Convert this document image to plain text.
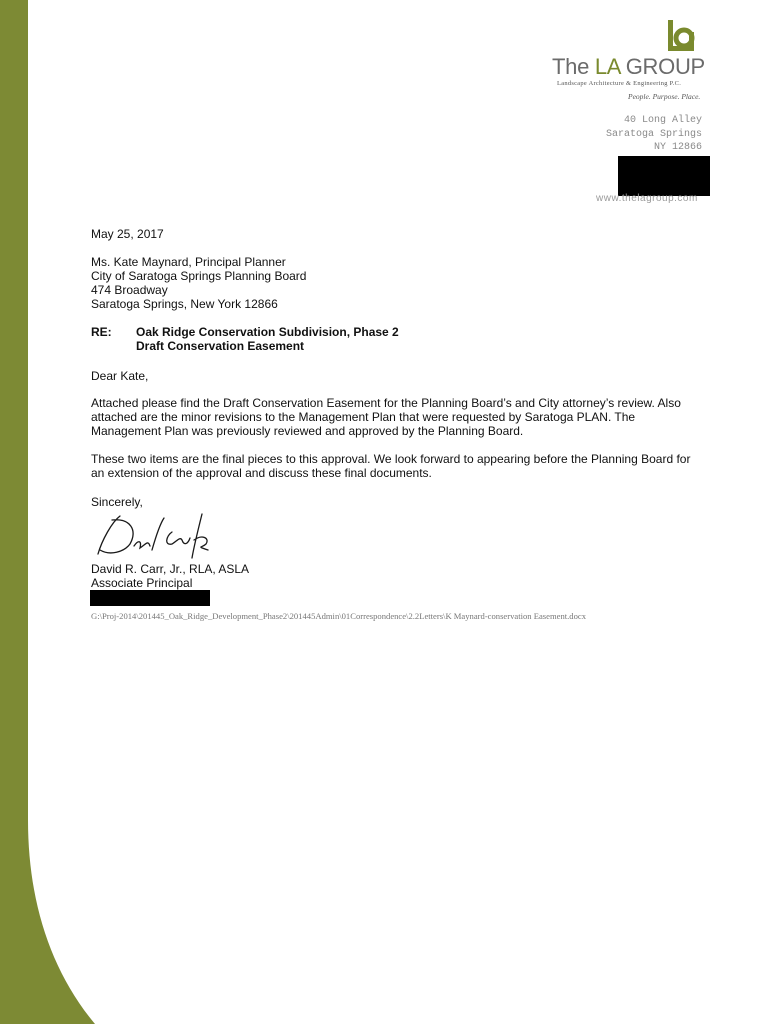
The LA GROUP
Landscape Architecture & Engineering P.C.
People. Purpose. Place.
40 Long Alley
Saratoga Springs
NY 12866
www.thelagroup.com
May 25, 2017
Ms. Kate Maynard, Principal Planner
City of Saratoga Springs Planning Board
474 Broadway
Saratoga Springs, New York 12866
RE: Oak Ridge Conservation Subdivision, Phase 2
Draft Conservation Easement
Dear Kate,

Attached please find the Draft Conservation Easement for the Planning Board’s and City attorney’s review. Also attached are the minor revisions to the Management Plan that were requested by Saratoga PLAN. The Management Plan was previously reviewed and approved by the Planning Board.

These two items are the final pieces to this approval. We look forward to appearing before the Planning Board for an extension of the approval and discuss these final documents.

Sincerely,
David R. Carr, Jr., RLA, ASLA
Associate Principal
G:\Proj-2014\201445_Oak_Ridge_Development_Phase2\201445Admin\01Correspondence\2.2Letters\K Maynard-conservation Easement.docx
